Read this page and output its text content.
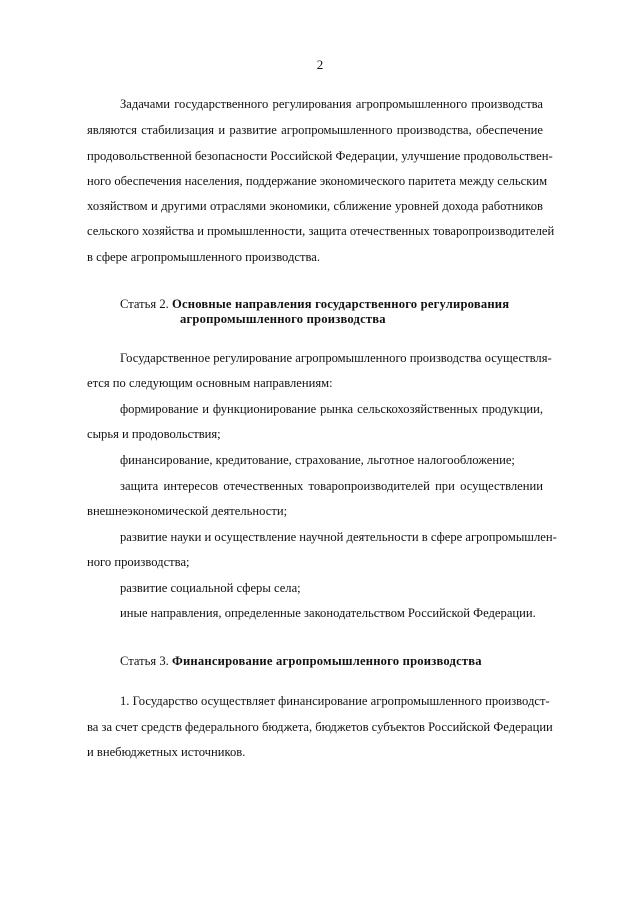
2
Задачами государственного регулирования агропромышленного производства
являются стабилизация и развитие агропромышленного производства, обеспечение
продовольственной безопасности Российской Федерации, улучшение продовольствен-
ного обеспечения населения, поддержание экономического паритета между сельским
хозяйством и другими отраслями экономики, сближение уровней дохода работников
сельского хозяйства и промышленности, защита отечественных товаропроизводителей
в сфере агропромышленного производства.
Статья 2. Основные направления государственного регулирования
агропромышленного производства
Государственное регулирование агропромышленного производства осуществля-
ется по следующим основным направлениям:
формирование и функционирование рынка сельскохозяйственных продукции,
сырья и продовольствия;
финансирование, кредитование, страхование, льготное налогообложение;
защита интересов отечественных товаропроизводителей при осуществлении
внешнеэкономической деятельности;
развитие науки и осуществление научной деятельности в сфере агропромышлен-
ного производства;
развитие социальной сферы села;
иные направления, определенные законодательством Российской Федерации.
Статья 3. Финансирование агропромышленного производства
1. Государство осуществляет финансирование агропромышленного производст-
ва за счет средств федерального бюджета, бюджетов субъектов Российской Федерации
и внебюджетных источников.
